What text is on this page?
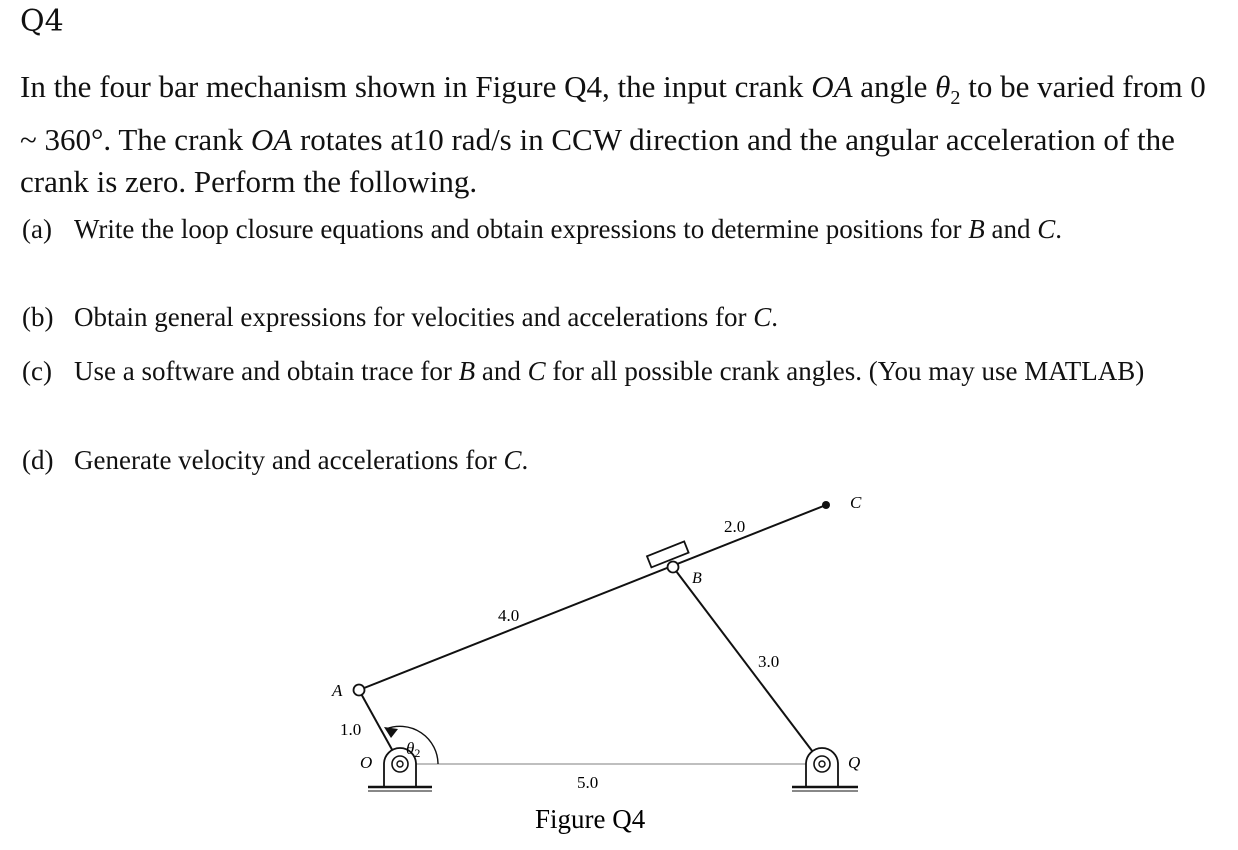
Q4
In the four bar mechanism shown in Figure Q4, the input crank OA angle $\theta_2$ to be varied from 0 ~ 360°. The crank OA rotates at10 rad/s in CCW direction and the angular acceleration of the crank is zero. Perform the following.
(a) Write the loop closure equations and obtain expressions to determine positions for B and C.
(b) Obtain general expressions for velocities and accelerations for C.
(c) Use a software and obtain trace for B and C for all possible crank angles. (You may use MATLAB)
(d) Generate velocity and accelerations for C.
A
B
C
O	Q
θ2
1.0
4.0
2.0
3.0
5.0
Figure Q4
